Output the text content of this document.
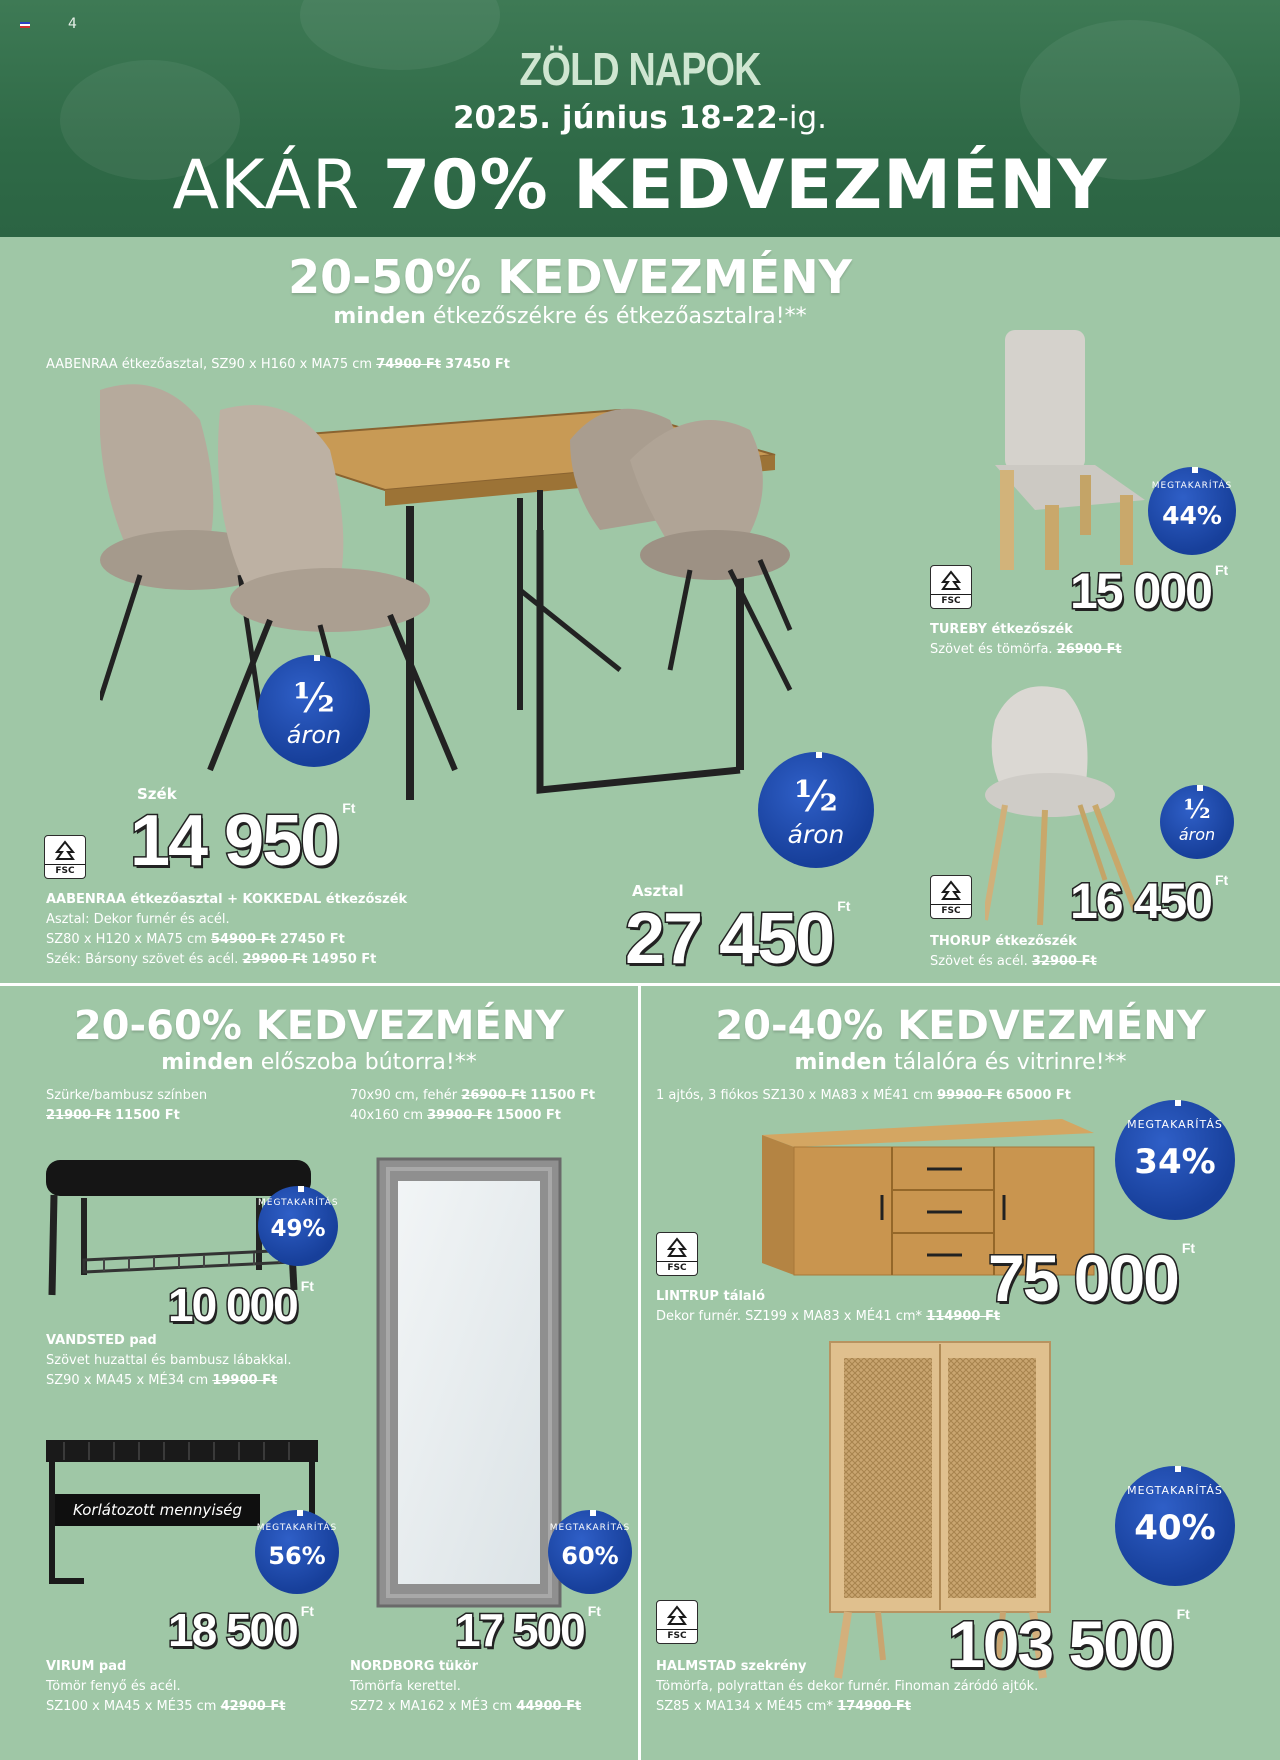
4
ZÖLD NAPOK
2025. június 18-22-ig.
AKÁR 70% KEDVEZMÉNY
20-50% KEDVEZMÉNY
minden étkezőszékre és étkezőasztalra!**
AABENRAA étkezőasztal, SZ90 x H160 x MA75 cm 74900 Ft 37450 Ft
½
áron
Szék
14 950 $^{Ft}$	½
áron
Asztal
27 450 $^{Ft}$
FSC
AABENRAA étkezőasztal + KOKKEDAL étkezőszék
Asztal: Dekor furnér és acél.
SZ80 x H120 x MA75 cm 54900 Ft 27450 Ft
Szék: Bársony szövet és acél. 29900 Ft 14950 Ft
MEGTAKARÍTÁS
44%
FSC 15 000 $^{Ft}$
TUREBY étkezőszék
Szövet és tömörfa. 26900 Ft
½
áron
FSC 16 450 $^{Ft}$
THORUP étkezőszék
Szövet és acél. 32900 Ft
20-60% KEDVEZMÉNY
minden előszoba bútorra!**
Szürke/bambusz színben
21900 Ft 11500 Ft
70x90 cm, fehér 26900 Ft 11500 Ft
40x160 cm 39900 Ft 15000 Ft
MEGTAKARÍTÁS
49%
10 000 $^{Ft}$
VANDSTED pad
Szövet huzattal és bambusz lábakkal.
SZ90 x MA45 x MÉ34 cm 19900 Ft
Korlátozott mennyiség
MEGTAKARÍTÁS
56%
18 500 $^{Ft}$
VIRUM pad
Tömör fenyő és acél.
SZ100 x MA45 x MÉ35 cm 42900 Ft
MEGTAKARÍTÁS
60%
17 500 $^{Ft}$
NORDBORG tükör
Tömörfa kerettel.
SZ72 x MA162 x MÉ3 cm 44900 Ft
20-40% KEDVEZMÉNY
minden tálalóra és vitrinre!**
1 ajtós, 3 fiókos SZ130 x MA83 x MÉ41 cm 99900 Ft 65000 Ft
MEGTAKARÍTÁS
34%
FSC	75 000 $^{Ft}$
LINTRUP tálaló
Dekor furnér. SZ199 x MA83 x MÉ41 cm* 114900 Ft
MEGTAKARÍTÁS
40%
FSC	103 500 $^{Ft}$
HALMSTAD szekrény
Tömörfa, polyrattan és dekor furnér. Finoman záródó ajtók.
SZ85 x MA134 x MÉ45 cm* 174900 Ft
